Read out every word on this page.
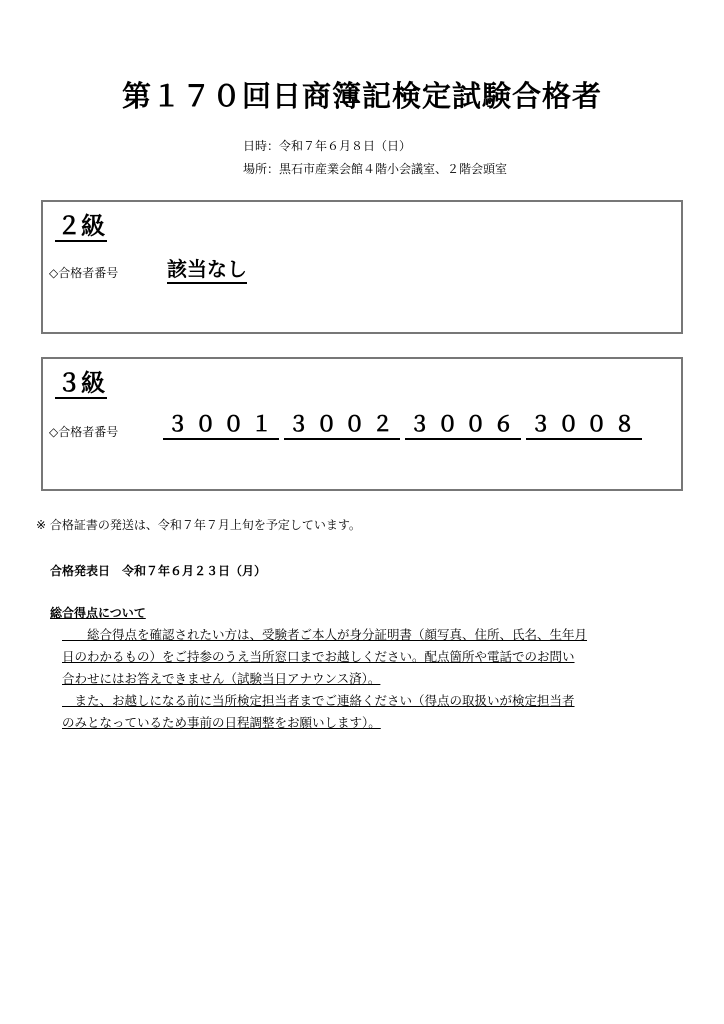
第１７０回日商簿記検定試験合格者
日時：令和７年６月８日（日）
場所：黒石市産業会館４階小会議室、２階会頭室
２級
◇合格者番号 該当なし
３級
◇合格者番号 ３００１ ３００２ ３００６ ３００８
※ 合格証書の発送は、令和７年７月上旬を予定しています。
合格発表日　令和７年６月２３日（月）
総合得点について
　　総合得点を確認されたい方は、受験者ご本人が身分証明書（顔写真、住所、氏名、生年月
日のわかるもの）をご持参のうえ当所窓口までお越しください。配点箇所や電話でのお問い
合わせにはお答えできません（試験当日アナウンス済）。
　また、お越しになる前に当所検定担当者までご連絡ください（得点の取扱いが検定担当者
のみとなっているため事前の日程調整をお願いします）。
